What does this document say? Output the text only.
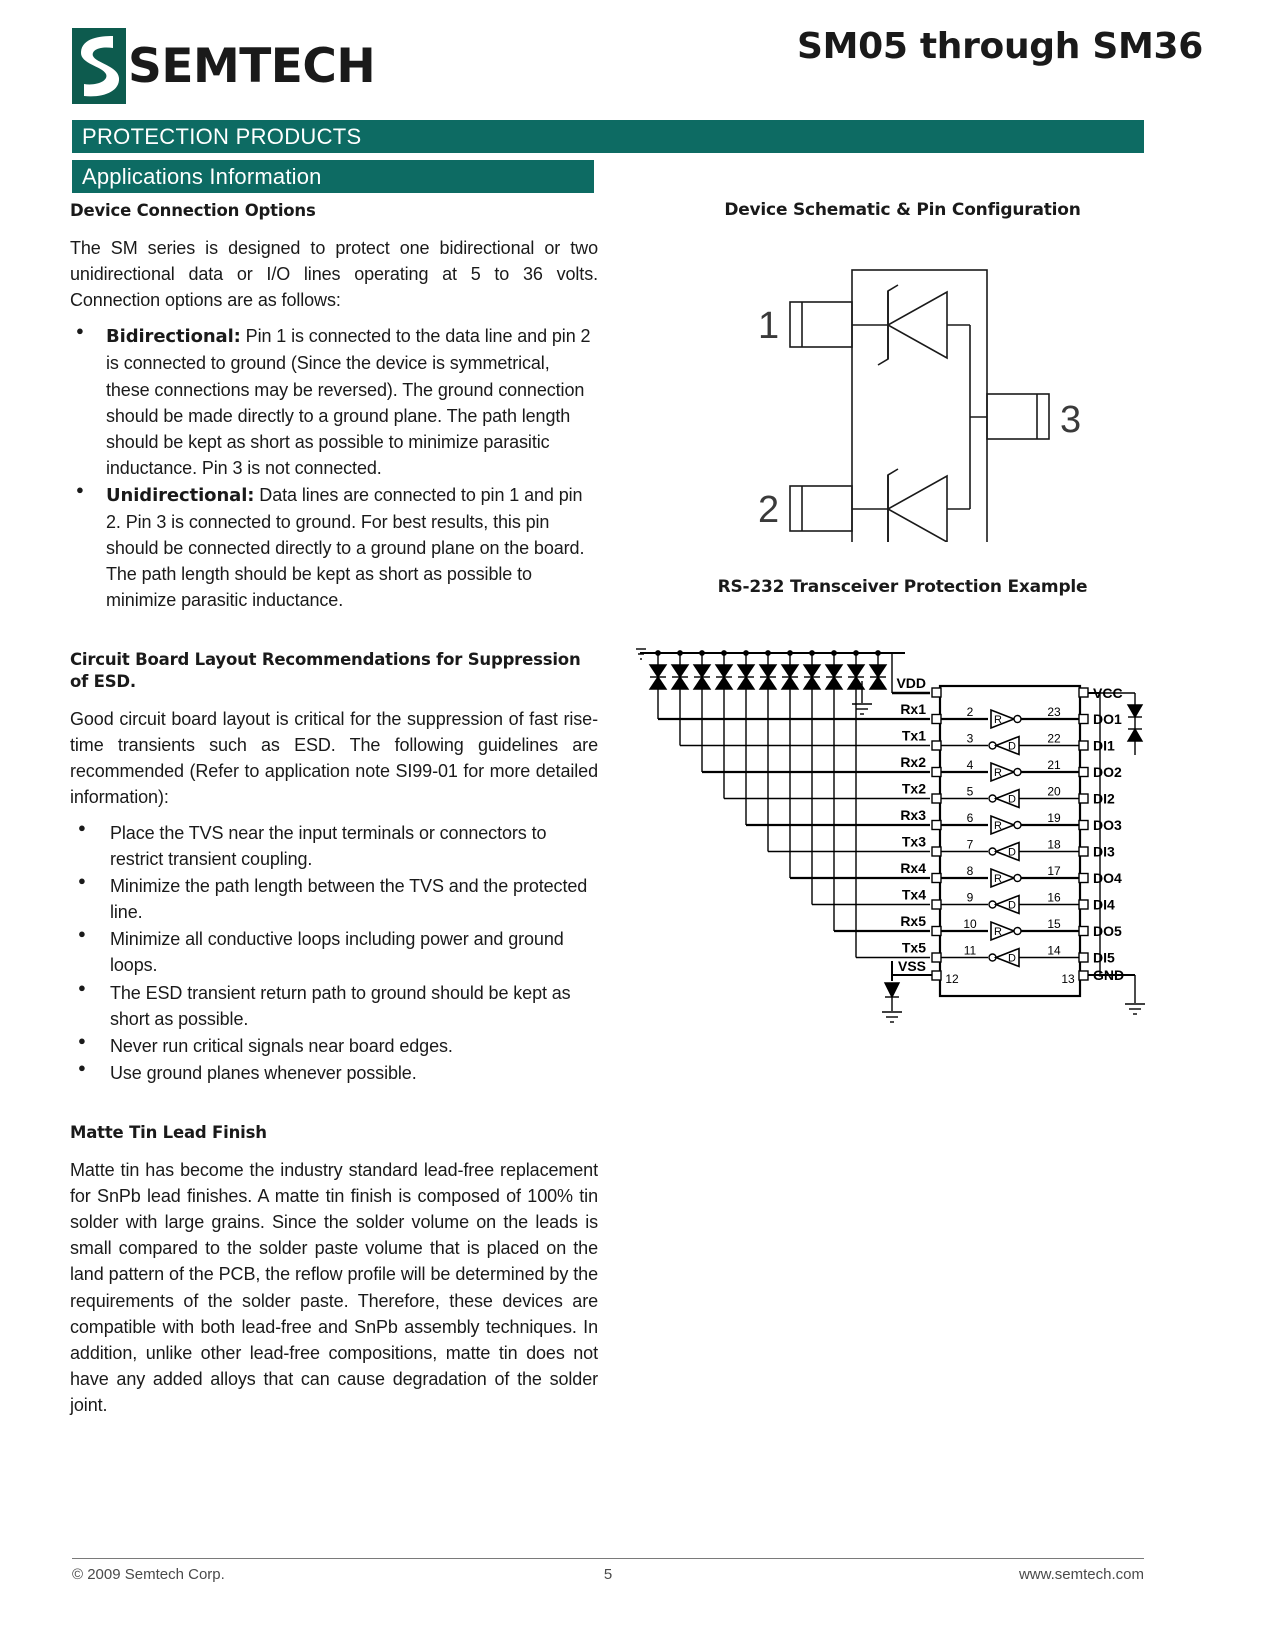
SEMTECH	SM05 through SM36
PROTECTION PRODUCTS
Applications Information
Device Connection Options

The SM series is designed to protect one bidirectional or two unidirectional data or I/O lines operating at 5 to 36 volts. Connection options are as follows:

● Bidirectional: Pin 1 is connected to the data line and pin 2 is connected to ground (Since the device is symmetrical, these connections may be reversed). The ground connection should be made directly to a ground plane. The path length should be kept as short as possible to minimize parasitic inductance. Pin 3 is not connected.
● Unidirectional: Data lines are connected to pin 1 and pin 2. Pin 3 is connected to ground. For best results, this pin should be connected directly to a ground plane on the board. The path length should be kept as short as possible to minimize parasitic inductance.
Circuit Board Layout Recommendations for Suppression of ESD.

Good circuit board layout is critical for the suppression of fast rise-time transients such as ESD. The following guidelines are recommended (Refer to application note SI99-01 for more detailed information):

● Place the TVS near the input terminals or connectors to restrict transient coupling.
● Minimize the path length between the TVS and the protected line.
● Minimize all conductive loops including power and ground loops.
● The ESD transient return path to ground should be kept as short as possible.
● Never run critical signals near board edges.
● Use ground planes whenever possible.
Matte Tin Lead Finish

Matte tin has become the industry standard lead-free replacement for SnPb lead finishes. A matte tin finish is composed of 100% tin solder with large grains. Since the solder volume on the leads is small compared to the solder paste volume that is placed on the land pattern of the PCB, the reflow profile will be determined by the requirements of the solder paste. Therefore, these devices are compatible with both lead-free and SnPb assembly techniques. In addition, unlike other lead-free compositions, matte tin does not have any added alloys that can cause degradation of the solder joint.

Device Schematic & Pin Configuration

1
2
3

RS-232 Transceiver Protection Example

Rx1	2
R
23 DO1
Tx1	3
D
22 DI1
Rx2	4
R
21 DO2
Tx2	5
D
20 DI2
Rx3	6
R
19 DO3
Tx3	7
D
18 DI3
Rx4	8
R
17 DO4
Tx4	9
D
16 DI4
Rx5	10
R
15 DO5
Tx5	11
D
14 DI5
VDD
VCC
VSS
GND
12	13
© 2009 Semtech Corp.	5	www.semtech.com
